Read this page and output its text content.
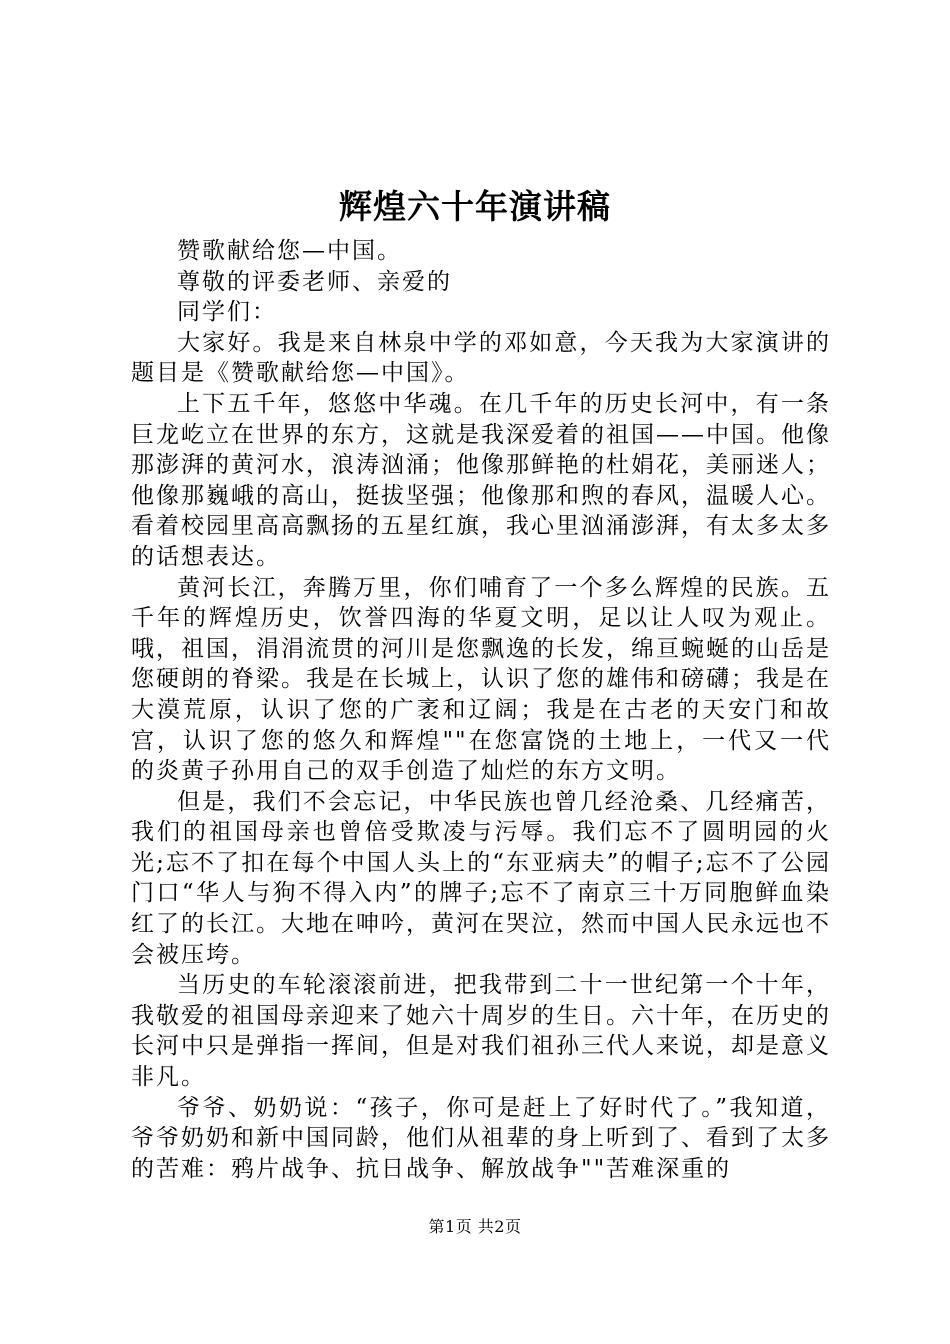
辉煌六十年演讲稿

赞歌献给您—中国。

尊敬的评委老师、亲爱的

同学们：

大家好。我是来自林泉中学的邓如意，今天我为大家演讲的题目是《赞歌献给您—中国》。

上下五千年，悠悠中华魂。在几千年的历史长河中，有一条巨龙屹立在世界的东方，这就是我深爱着的祖国——中国。他像那澎湃的黄河水，浪涛汹涌；他像那鲜艳的杜娟花，美丽迷人；他像那巍峨的高山，挺拔坚强；他像那和煦的春风，温暖人心。看着校园里高高飘扬的五星红旗，我心里汹涌澎湃，有太多太多的话想表达。

黄河长江，奔腾万里，你们哺育了一个多么辉煌的民族。五千年的辉煌历史，饮誉四海的华夏文明，足以让人叹为观止。哦，祖国，涓涓流贯的河川是您飘逸的长发，绵亘蜿蜒的山岳是您硬朗的脊梁。我是在长城上，认识了您的雄伟和磅礴；我是在大漠荒原，认识了您的广袤和辽阔；我是在古老的天安门和故宫，认识了您的悠久和辉煌""在您富饶的土地上，一代又一代的炎黄子孙用自己的双手创造了灿烂的东方文明。

但是，我们不会忘记，中华民族也曾几经沧桑、几经痛苦，我们的祖国母亲也曾倍受欺凌与污辱。我们忘不了圆明园的火光;忘不了扣在每个中国人头上的“东亚病夫”的帽子;忘不了公园门口“华人与狗不得入内”的牌子;忘不了南京三十万同胞鲜血染红了的长江。大地在呻吟，黄河在哭泣，然而中国人民永远也不会被压垮。

当历史的车轮滚滚前进，把我带到二十一世纪第一个十年，我敬爱的祖国母亲迎来了她六十周岁的生日。六十年，在历史的长河中只是弹指一挥间，但是对我们祖孙三代人来说，却是意义非凡。

爷爷、奶奶说：“孩子，你可是赶上了好时代了。”我知道，爷爷奶奶和新中国同龄，他们从祖辈的身上听到了、看到了太多的苦难：鸦片战争、抗日战争、解放战争""苦难深重的

第1页 共2页
